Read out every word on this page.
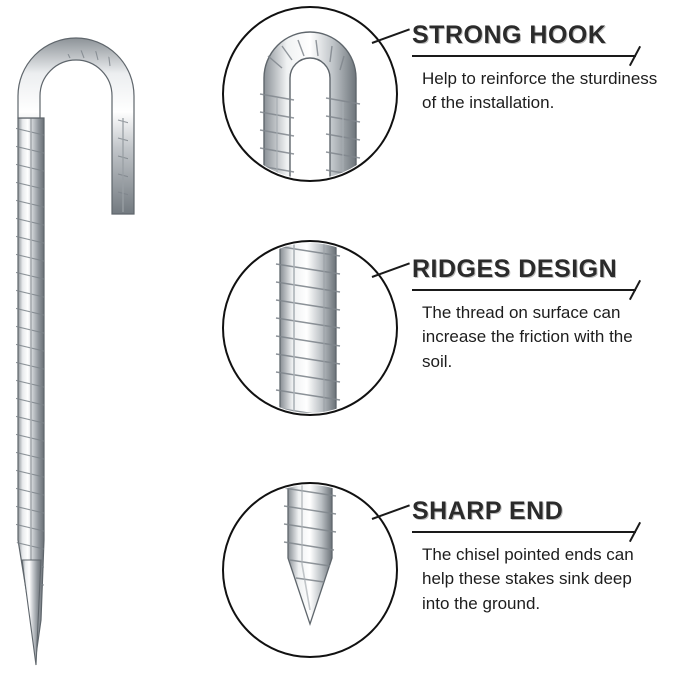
STRONG HOOK

Help to reinforce the sturdiness of the installation.

RIDGES DESIGN

The thread on surface can increase the friction with the soil.

SHARP END

The chisel pointed ends can help these stakes sink deep into the ground.
